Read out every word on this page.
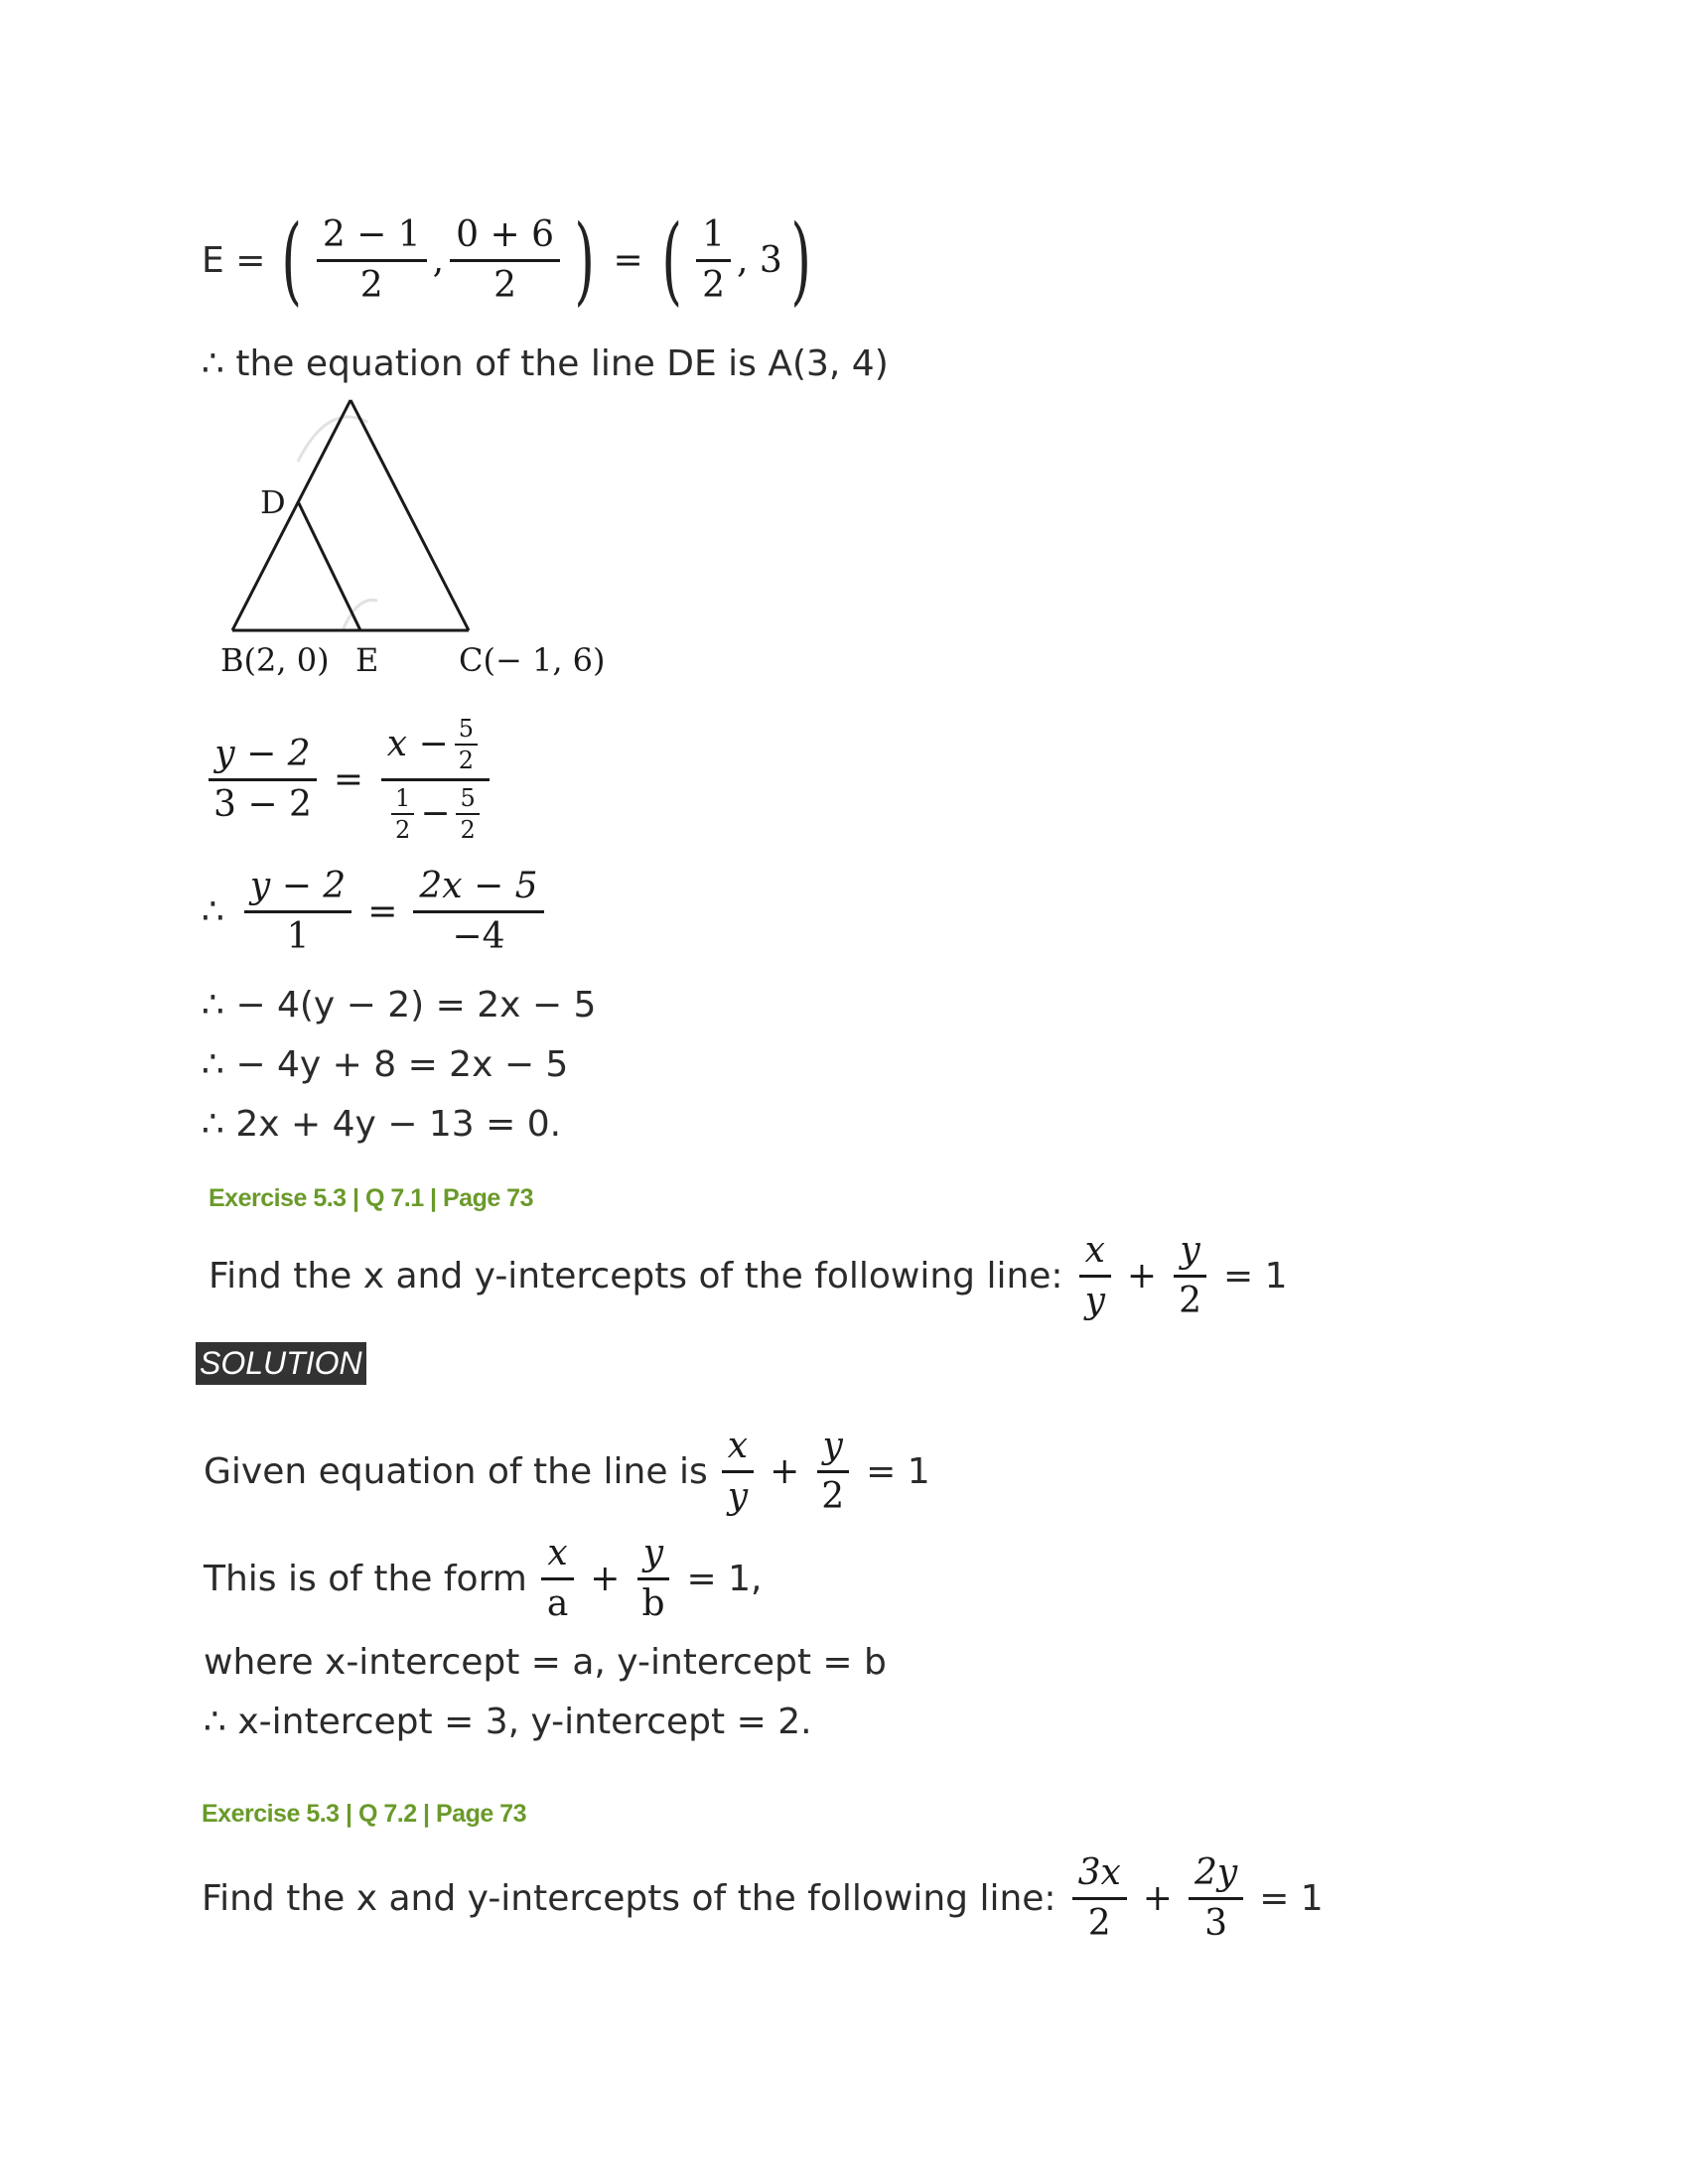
E = ( $\frac{2 - 1}{2}$ , $\frac{0 + 6}{2}$ ) = ( $\frac{1}{2}$ , 3 )
∴ the equation of the line DE is A(3, 4)
D
B(2, 0) E	C(− 1, 6)
$\frac{y - 2}{3 - 2} = \frac{x - \frac{5}{2}}{\frac{1}{2} - \frac{5}{2}}$
∴ $\frac{y - 2}{1} = \frac{2x - 5}{-4}$
∴ − 4(y − 2) = 2x − 5
∴ − 4y + 8 = 2x − 5
∴ 2x + 4y − 13 = 0.
Exercise 5.3 | Q 7.1 | Page 73
Find the x and y-intercepts of the following line: $\frac{x}{y} + \frac{y}{2} = 1$
SOLUTION
Given equation of the line is $\frac{x}{y} + \frac{y}{2} = 1$
This is of the form $\frac{x}{a} + \frac{y}{b} = 1$,
where x-intercept = a, y-intercept = b
∴ x-intercept = 3, y-intercept = 2.
Exercise 5.3 | Q 7.2 | Page 73
Find the x and y-intercepts of the following line: $\frac{3x}{2} + \frac{2y}{3} = 1$
